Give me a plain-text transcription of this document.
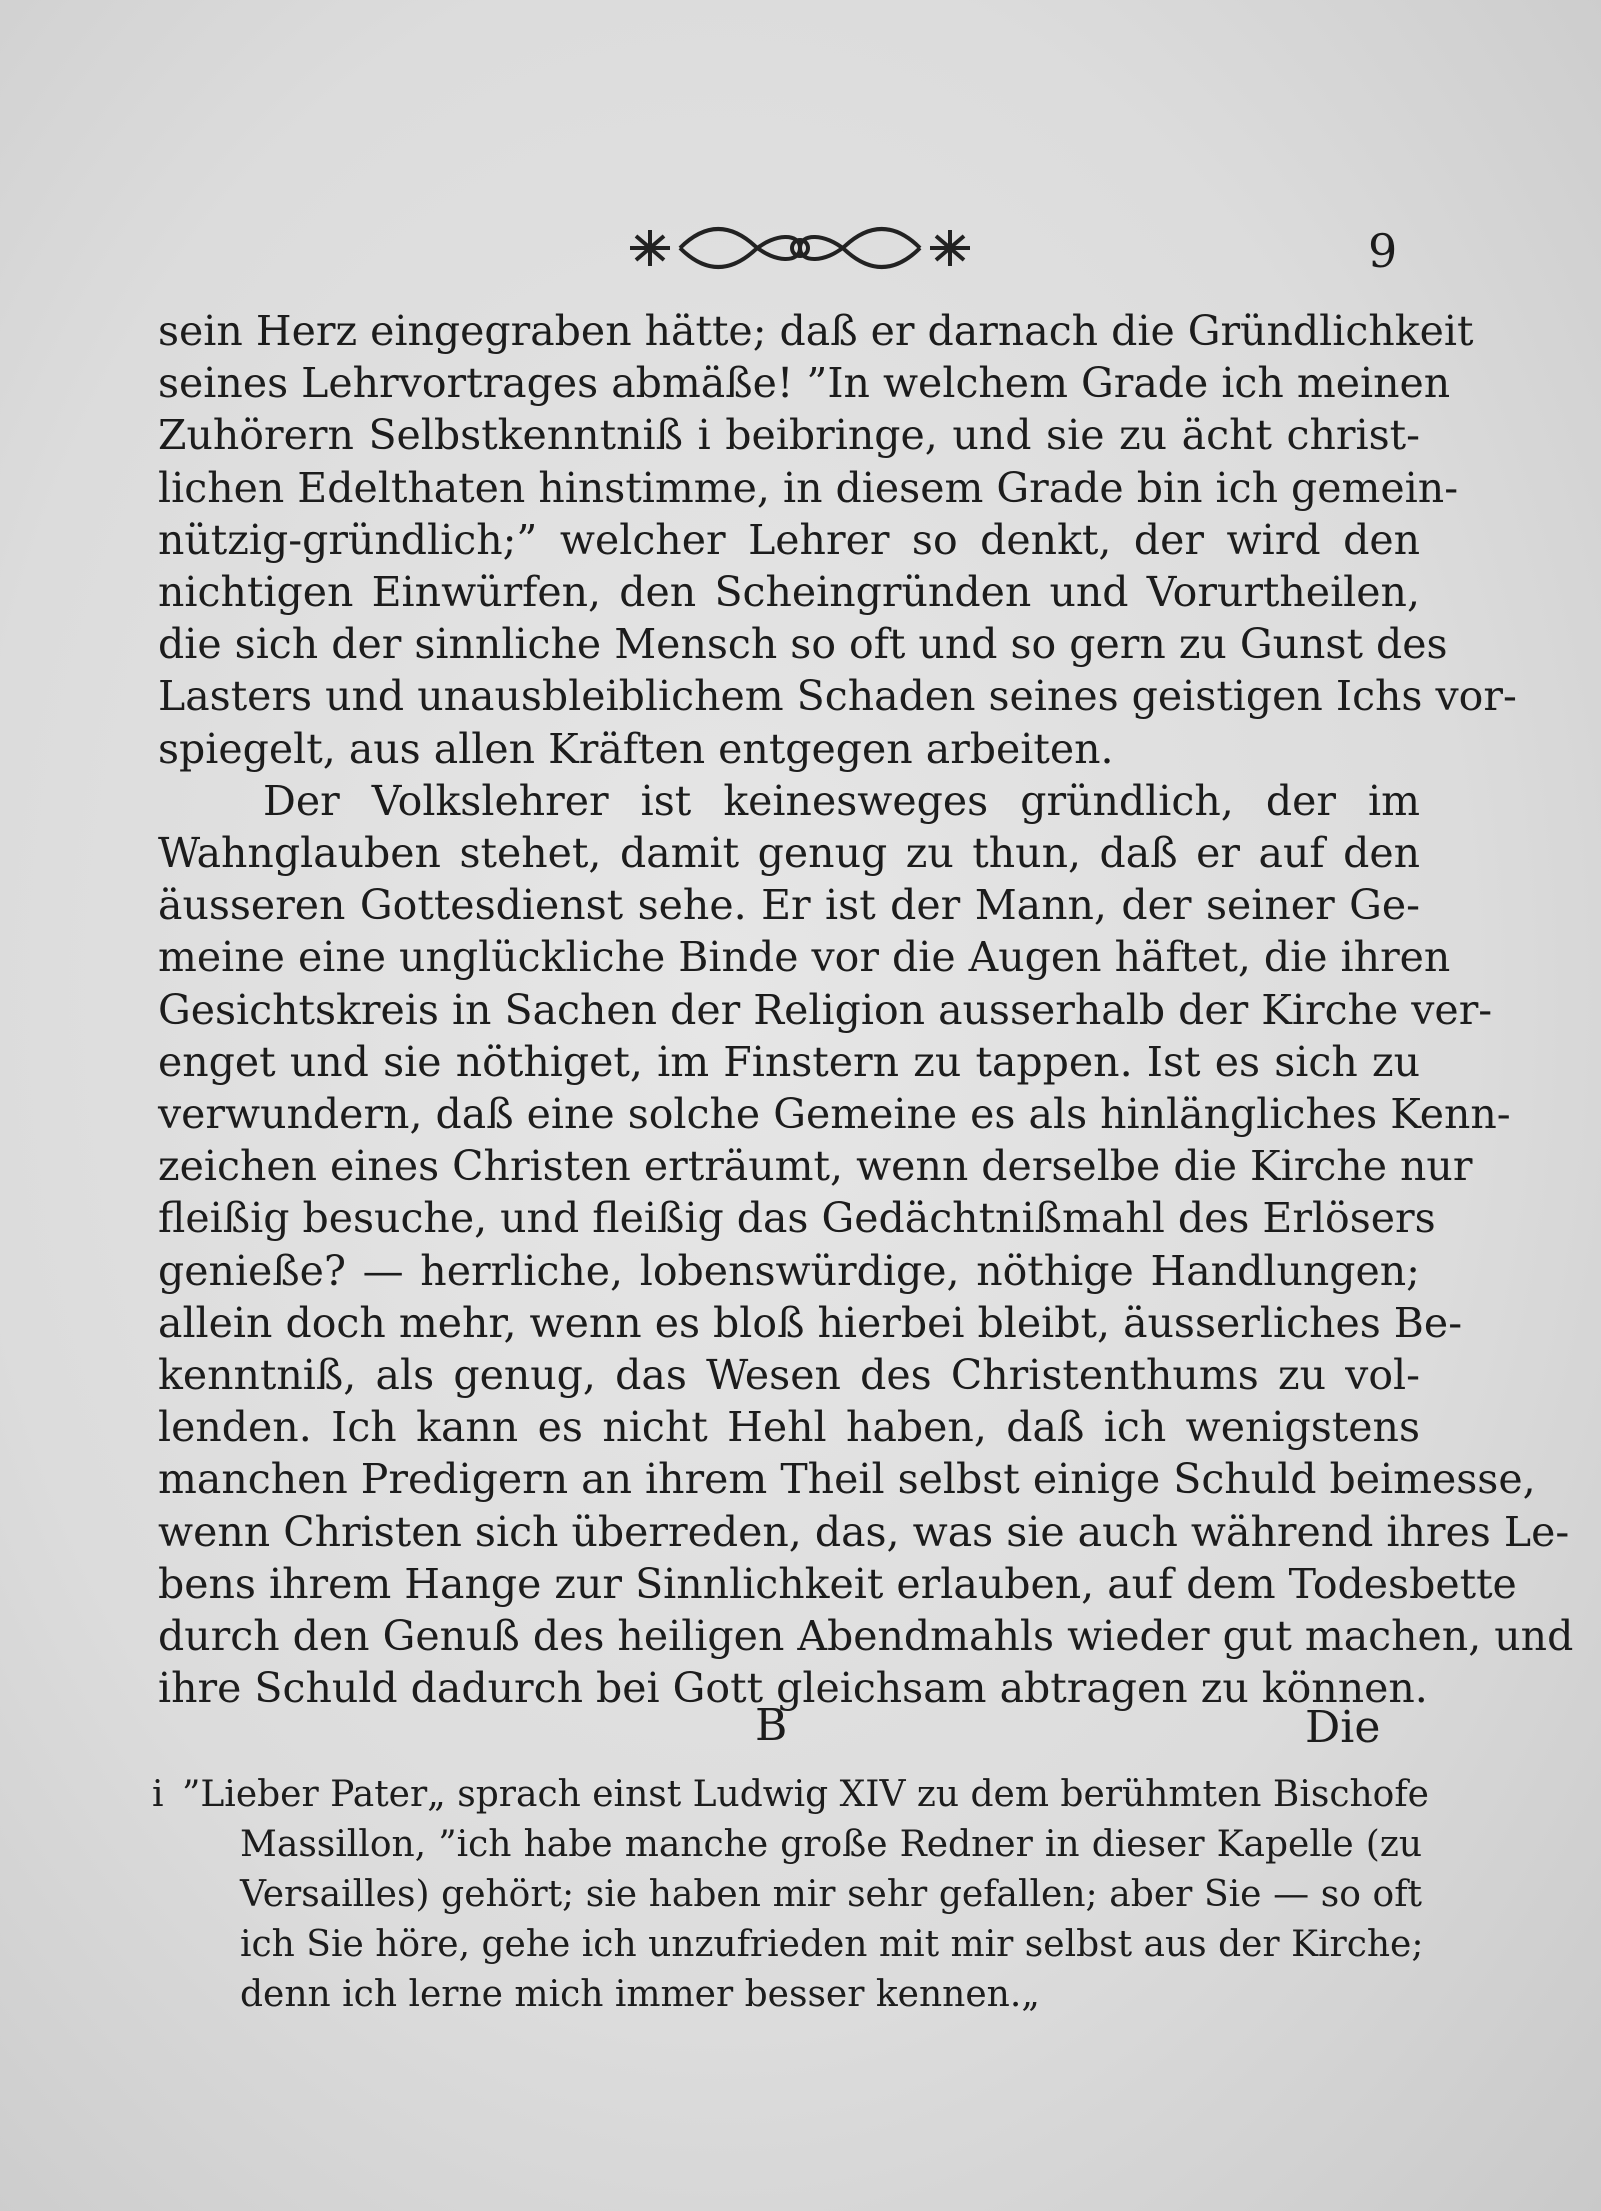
9
sein Herz eingegraben hätte; daß er darnach die Gründlichkeit
seines Lehrvortrages abmäße! ”In welchem Grade ich meinen
Zuhörern Selbstkenntniß i beibringe, und sie zu ächt christ-
lichen Edelthaten hinstimme, in diesem Grade bin ich gemein-
nützig-gründlich;” welcher Lehrer so denkt, der wird den
nichtigen Einwürfen, den Scheingründen und Vorurtheilen,
die sich der sinnliche Mensch so oft und so gern zu Gunst des
Lasters und unausbleiblichem Schaden seines geistigen Ichs vor-
spiegelt, aus allen Kräften entgegen arbeiten.
Der Volkslehrer ist keinesweges gründlich, der im
Wahnglauben stehet, damit genug zu thun, daß er auf den
äusseren Gottesdienst sehe. Er ist der Mann, der seiner Ge-
meine eine unglückliche Binde vor die Augen häftet, die ihren
Gesichtskreis in Sachen der Religion ausserhalb der Kirche ver-
enget und sie nöthiget, im Finstern zu tappen. Ist es sich zu
verwundern, daß eine solche Gemeine es als hinlängliches Kenn-
zeichen eines Christen erträumt, wenn derselbe die Kirche nur
fleißig besuche, und fleißig das Gedächtnißmahl des Erlösers
genieße? — herrliche, lobenswürdige, nöthige Handlungen;
allein doch mehr, wenn es bloß hierbei bleibt, äusserliches Be-
kenntniß, als genug, das Wesen des Christenthums zu vol-
lenden. Ich kann es nicht Hehl haben, daß ich wenigstens
manchen Predigern an ihrem Theil selbst einige Schuld beimesse,
wenn Christen sich überreden, das, was sie auch während ihres Le-
bens ihrem Hange zur Sinnlichkeit erlauben, auf dem Todesbette
durch den Genuß des heiligen Abendmahls wieder gut machen, und
ihre Schuld dadurch bei Gott gleichsam abtragen zu können.
B	Die
i ”Lieber Pater„ sprach einst Ludwig XIV zu dem berühmten Bischofe
Massillon, ”ich habe manche große Redner in dieser Kapelle (zu
Versailles) gehört; sie haben mir sehr gefallen; aber Sie — so oft
ich Sie höre, gehe ich unzufrieden mit mir selbst aus der Kirche;
denn ich lerne mich immer besser kennen.„
